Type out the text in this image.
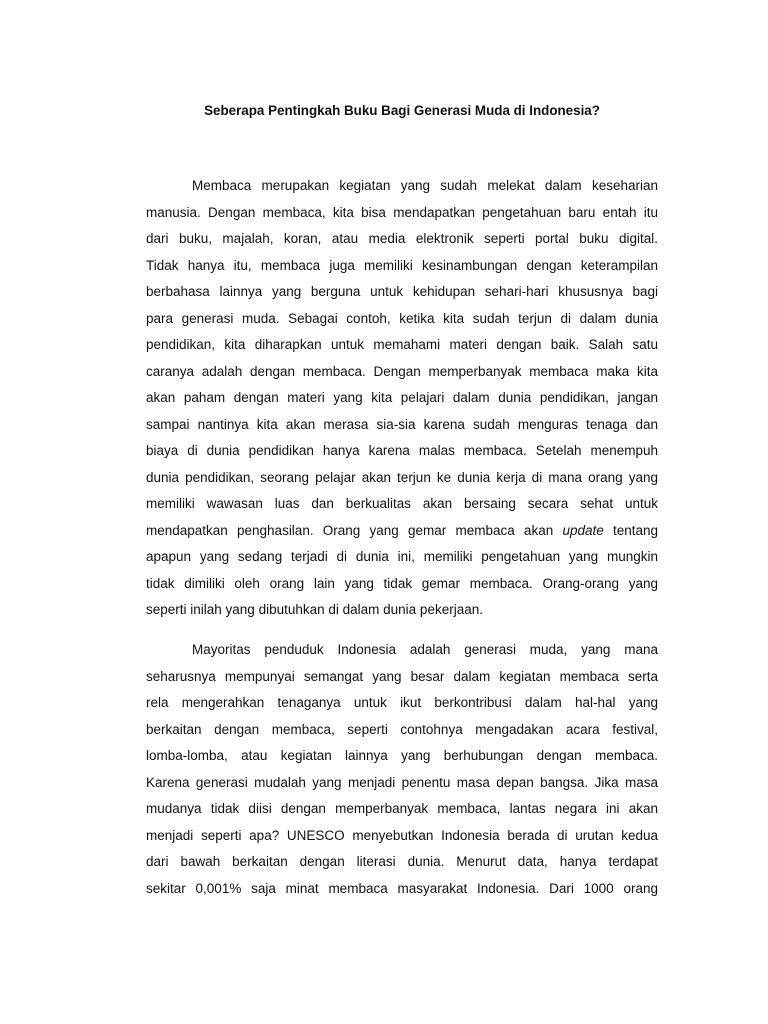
Seberapa Pentingkah Buku Bagi Generasi Muda di Indonesia?
Membaca merupakan kegiatan yang sudah melekat dalam keseharian
manusia. Dengan membaca, kita bisa mendapatkan pengetahuan baru entah itu
dari buku, majalah, koran, atau media elektronik seperti portal buku digital.
Tidak hanya itu, membaca juga memiliki kesinambungan dengan keterampilan
berbahasa lainnya yang berguna untuk kehidupan sehari-hari khususnya bagi
para generasi muda. Sebagai contoh, ketika kita sudah terjun di dalam dunia
pendidikan, kita diharapkan untuk memahami materi dengan baik. Salah satu
caranya adalah dengan membaca. Dengan memperbanyak membaca maka kita
akan paham dengan materi yang kita pelajari dalam dunia pendidikan, jangan
sampai nantinya kita akan merasa sia-sia karena sudah menguras tenaga dan
biaya di dunia pendidikan hanya karena malas membaca. Setelah menempuh
dunia pendidikan, seorang pelajar akan terjun ke dunia kerja di mana orang yang
memiliki wawasan luas dan berkualitas akan bersaing secara sehat untuk
mendapatkan penghasilan. Orang yang gemar membaca akan update tentang
apapun yang sedang terjadi di dunia ini, memiliki pengetahuan yang mungkin
tidak dimiliki oleh orang lain yang tidak gemar membaca. Orang-orang yang
seperti inilah yang dibutuhkan di dalam dunia pekerjaan.
Mayoritas penduduk Indonesia adalah generasi muda, yang mana
seharusnya mempunyai semangat yang besar dalam kegiatan membaca serta
rela mengerahkan tenaganya untuk ikut berkontribusi dalam hal-hal yang
berkaitan dengan membaca, seperti contohnya mengadakan acara festival,
lomba-lomba, atau kegiatan lainnya yang berhubungan dengan membaca.
Karena generasi mudalah yang menjadi penentu masa depan bangsa. Jika masa
mudanya tidak diisi dengan memperbanyak membaca, lantas negara ini akan
menjadi seperti apa? UNESCO menyebutkan Indonesia berada di urutan kedua
dari bawah berkaitan dengan literasi dunia. Menurut data, hanya terdapat
sekitar 0,001% saja minat membaca masyarakat Indonesia. Dari 1000 orang
